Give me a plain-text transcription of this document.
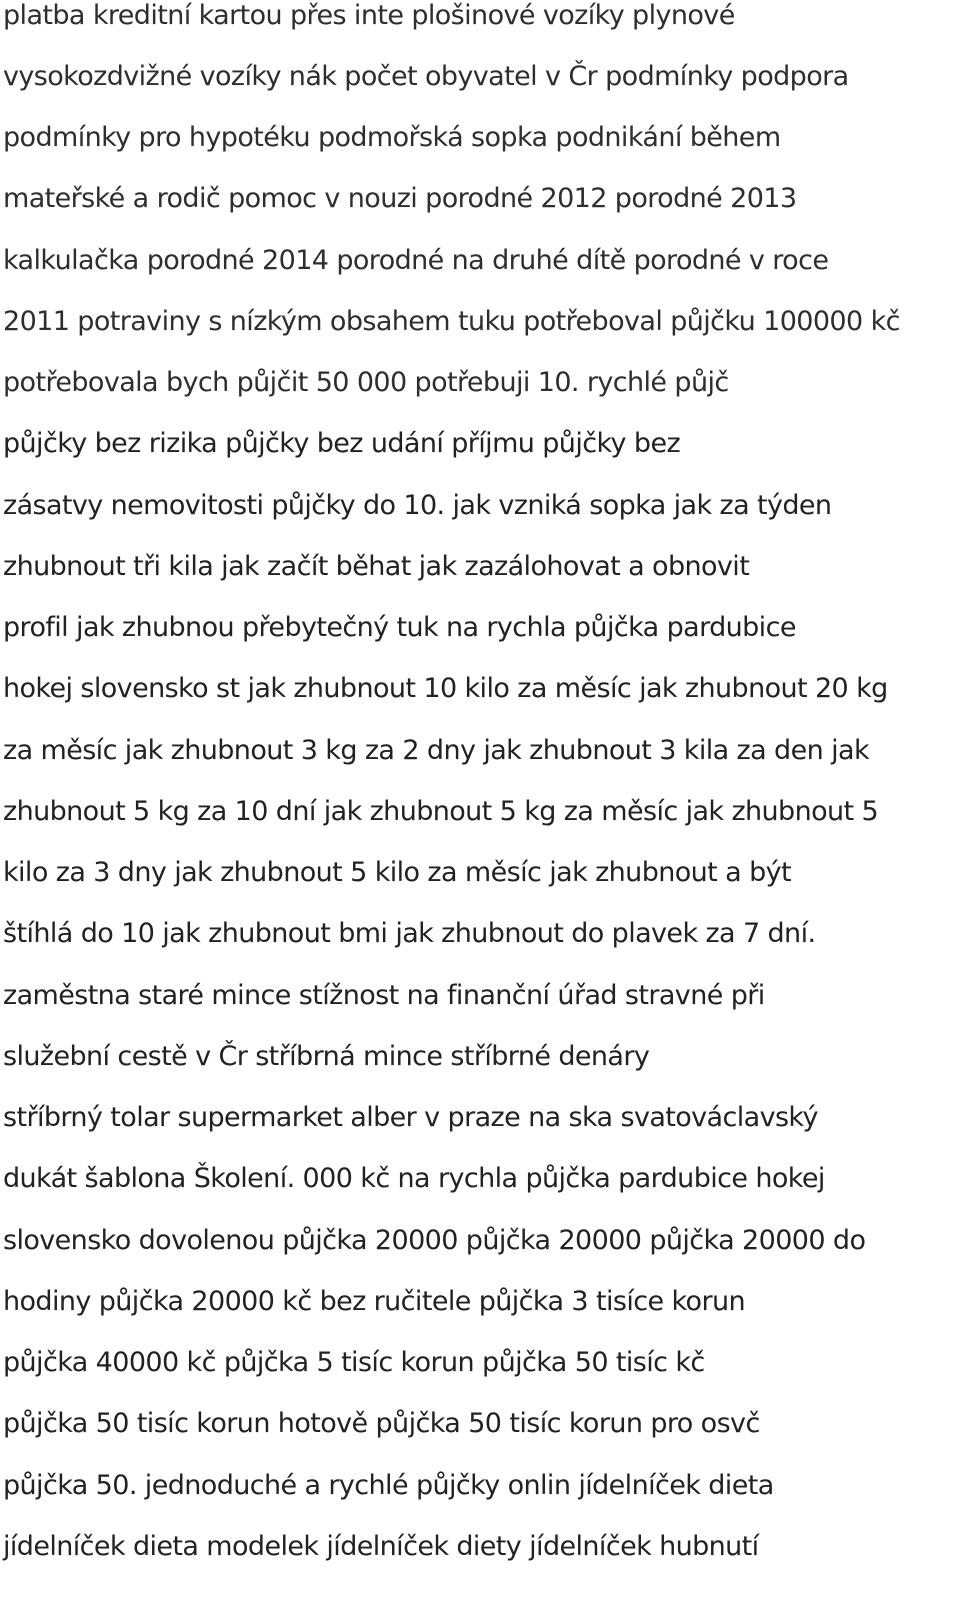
platba kreditní kartou přes inte plošinové vozíky plynové
vysokozdvižné vozíky nák počet obyvatel v Čr podmínky podpora
podmínky pro hypotéku podmořská sopka podnikání během
mateřské a rodič pomoc v nouzi porodné 2012 porodné 2013
kalkulačka porodné 2014 porodné na druhé dítě porodné v roce
2011 potraviny s nízkým obsahem tuku potřeboval půjčku 100000 kč
potřebovala bych půjčit 50 000 potřebuji 10. rychlé půjč
půjčky bez rizika půjčky bez udání příjmu půjčky bez
zásatvy nemovitosti půjčky do 10. jak vzniká sopka jak za týden
zhubnout tři kila jak začít běhat jak zazálohovat a obnovit
profil jak zhubnou přebytečný tuk na rychla půjčka pardubice
hokej slovensko st jak zhubnout 10 kilo za měsíc jak zhubnout 20 kg
za měsíc jak zhubnout 3 kg za 2 dny jak zhubnout 3 kila za den jak
zhubnout 5 kg za 10 dní jak zhubnout 5 kg za měsíc jak zhubnout 5
kilo za 3 dny jak zhubnout 5 kilo za měsíc jak zhubnout a být
štíhlá do 10 jak zhubnout bmi jak zhubnout do plavek za 7 dní.
zaměstna staré mince stížnost na finanční úřad stravné při
služební cestě v Čr stříbrná mince stříbrné denáry
stříbrný tolar supermarket alber v praze na ska svatováclavský
dukát šablona Školení. 000 kč na rychla půjčka pardubice hokej
slovensko dovolenou půjčka 20000 půjčka 20000 půjčka 20000 do
hodiny půjčka 20000 kč bez ručitele půjčka 3 tisíce korun
půjčka 40000 kč půjčka 5 tisíc korun půjčka 50 tisíc kč
půjčka 50 tisíc korun hotově půjčka 50 tisíc korun pro osvč
půjčka 50. jednoduché a rychlé půjčky onlin jídelníček dieta
jídelníček dieta modelek jídelníček diety jídelníček hubnutí
